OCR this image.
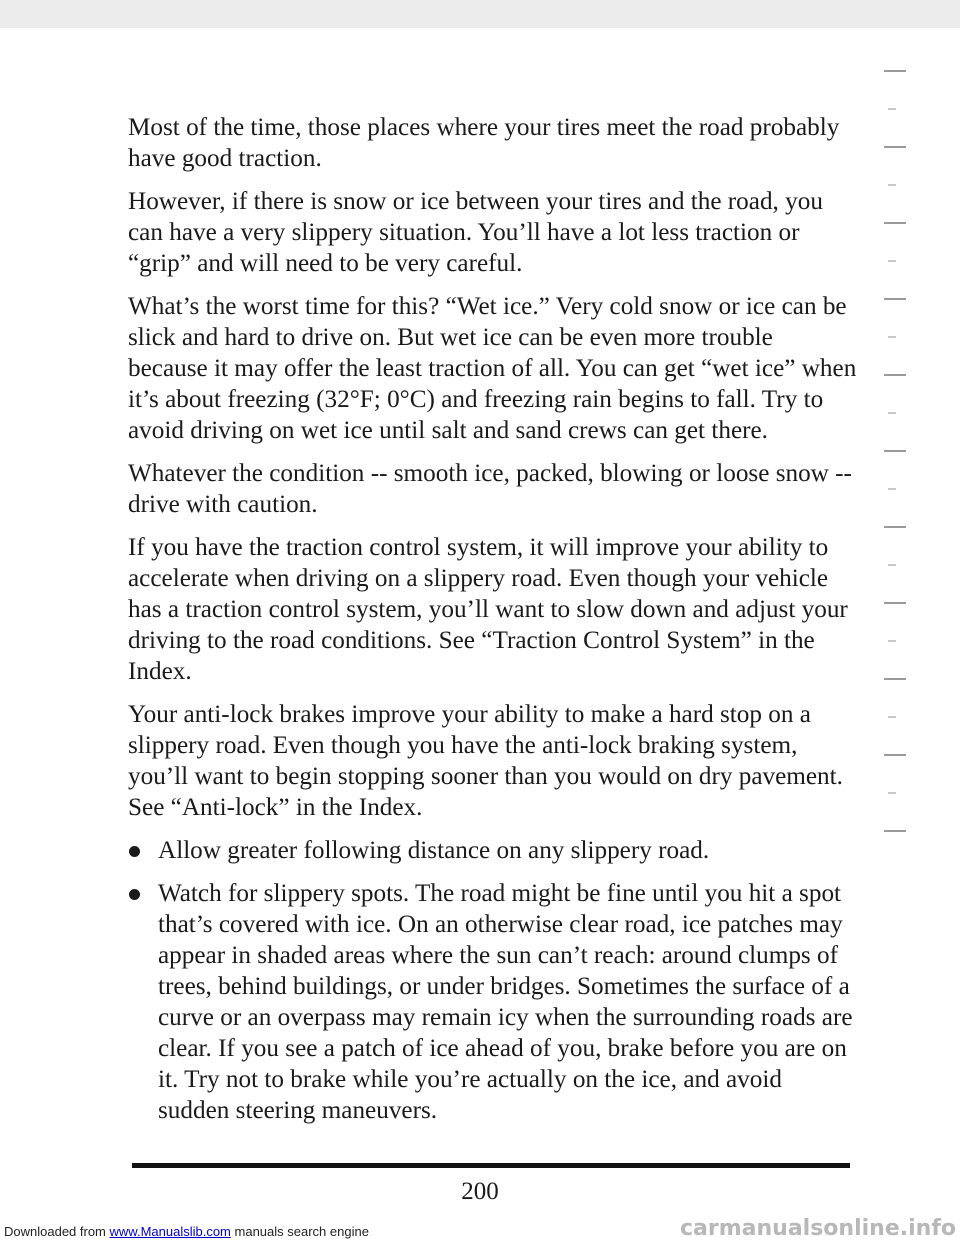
Most of the time, those places where your tires meet the road probably have good traction.

However, if there is snow or ice between your tires and the road, you can have a very slippery situation. You’ll have a lot less traction or “grip” and will need to be very careful.

What’s the worst time for this? “Wet ice.” Very cold snow or ice can be slick and hard to drive on. But wet ice can be even more trouble because it may offer the least traction of all. You can get “wet ice” when it’s about freezing (32°F; 0°C) and freezing rain begins to fall. Try to avoid driving on wet ice until salt and sand crews can get there.

Whatever the condition -- smooth ice, packed, blowing or loose snow -- drive with caution.

If you have the traction control system, it will improve your ability to accelerate when driving on a slippery road. Even though your vehicle has a traction control system, you’ll want to slow down and adjust your driving to the road conditions. See “Traction Control System” in the Index.

Your anti-lock brakes improve your ability to make a hard stop on a slippery road. Even though you have the anti-lock braking system, you’ll want to begin stopping sooner than you would on dry pavement. See “Anti-lock” in the Index.

Allow greater following distance on any slippery road.
Watch for slippery spots. The road might be fine until you hit a spot that’s covered with ice. On an otherwise clear road, ice patches may appear in shaded areas where the sun can’t reach: around clumps of trees, behind buildings, or under bridges. Sometimes the surface of a curve or an overpass may remain icy when the surrounding roads are clear. If you see a patch of ice ahead of you, brake before you are on it. Try not to brake while you’re actually on the ice, and avoid sudden steering maneuvers.
200
Downloaded from www.Manualslib.com manuals search engine	carmanualsonline.info
